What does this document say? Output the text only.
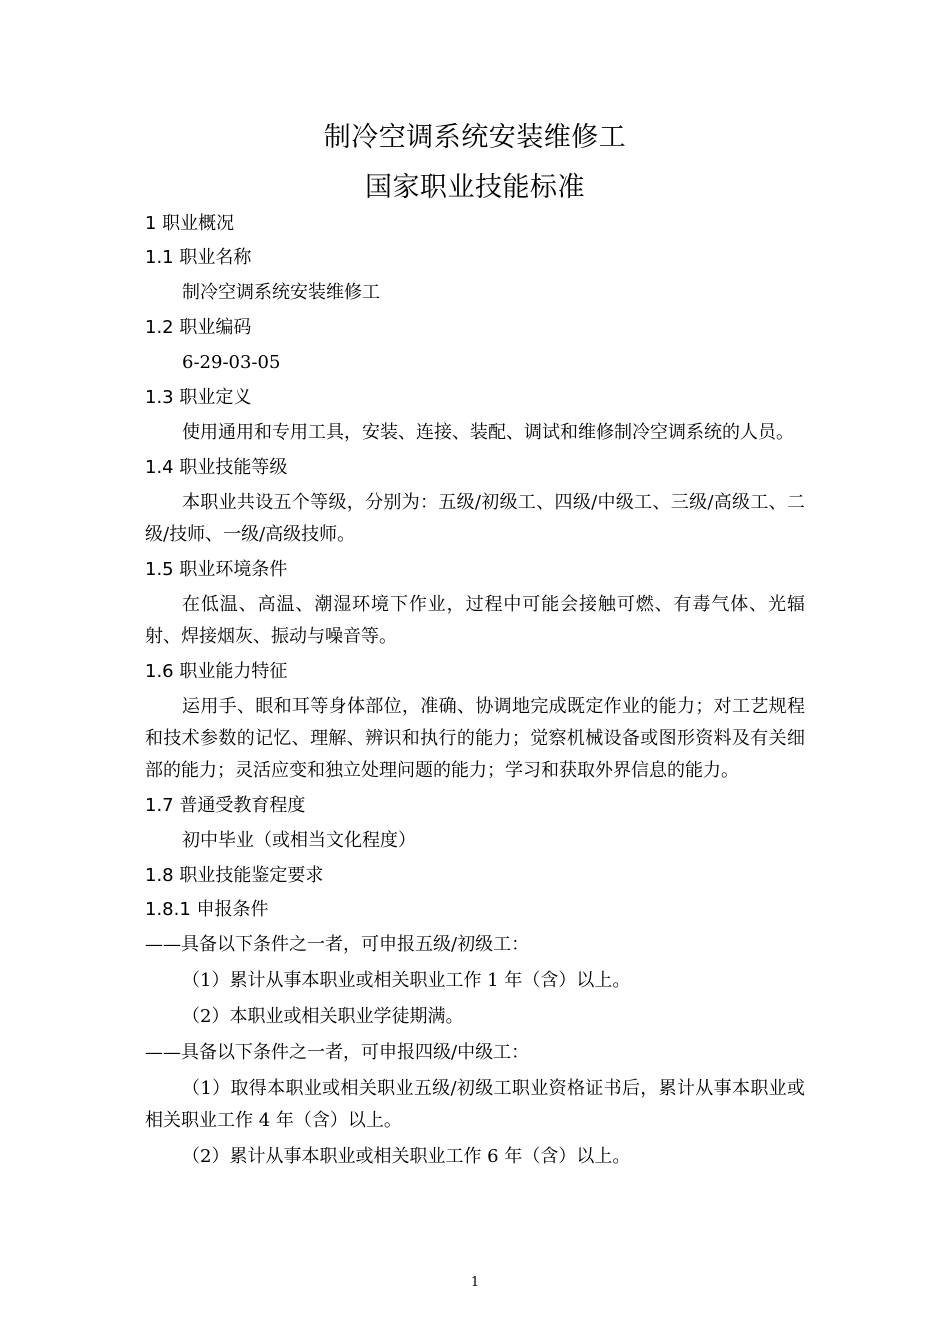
制冷空调系统安装维修工
国家职业技能标准
1 职业概况
1.1 职业名称
制冷空调系统安装维修工
1.2 职业编码
6-29-03-05
1.3 职业定义
使用通用和专用工具，安装、连接、装配、调试和维修制冷空调系统的人员。
1.4 职业技能等级
本职业共设五个等级，分别为：五级/初级工、四级/中级工、三级/高级工、二级/技师、一级/高级技师。
1.5 职业环境条件
在低温、高温、潮湿环境下作业，过程中可能会接触可燃、有毒气体、光辐射、焊接烟灰、振动与噪音等。
1.6 职业能力特征
运用手、眼和耳等身体部位，准确、协调地完成既定作业的能力；对工艺规程和技术参数的记忆、理解、辨识和执行的能力；觉察机械设备或图形资料及有关细部的能力；灵活应变和独立处理问题的能力；学习和获取外界信息的能力。
1.7 普通受教育程度
初中毕业（或相当文化程度）
1.8 职业技能鉴定要求
1.8.1 申报条件
——具备以下条件之一者，可申报五级/初级工：
（1）累计从事本职业或相关职业工作 1 年（含）以上。
（2）本职业或相关职业学徒期满。
——具备以下条件之一者，可申报四级/中级工：
（1）取得本职业或相关职业五级/初级工职业资格证书后，累计从事本职业或相关职业工作 4 年（含）以上。
（2）累计从事本职业或相关职业工作 6 年（含）以上。
1
